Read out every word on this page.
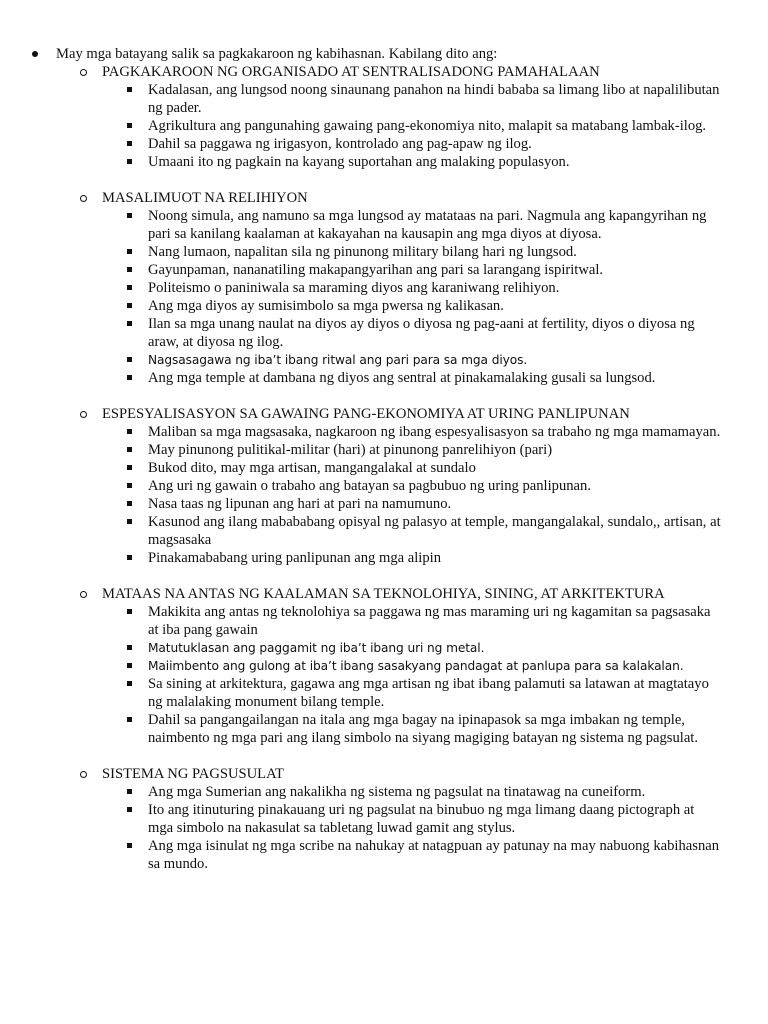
May mga batayang salik sa pagkakaroon ng kabihasnan. Kabilang dito ang:

PAGKAKAROON NG ORGANISADO AT SENTRALISADONG PAMAHALAAN

Kadalasan, ang lungsod noong sinaunang panahon na hindi bababa sa limang libo at napalilibutan ng pader.
Agrikultura ang pangunahing gawaing pang-ekonomiya nito, malapit sa matabang lambak-ilog.
Dahil sa paggawa ng irigasyon, kontrolado ang pag-apaw ng ilog.
Umaani ito ng pagkain na kayang suportahan ang malaking populasyon.

MASALIMUOT NA RELIHIYON

Noong simula, ang namuno sa mga lungsod ay matataas na pari. Nagmula ang kapangyrihan ng pari sa kanilang kaalaman at kakayahan na kausapin ang mga diyos at diyosa.
Nang lumaon, napalitan sila ng pinunong military bilang hari ng lungsod.
Gayunpaman, nananatiling makapangyarihan ang pari sa larangang ispiritwal.
Politeismo o paniniwala sa maraming diyos ang karaniwang relihiyon.
Ang mga diyos ay sumisimbolo sa mga pwersa ng kalikasan.
Ilan sa mga unang naulat na diyos ay diyos o diyosa ng pag-aani at fertility, diyos o diyosa ng araw, at diyosa ng ilog.
Nagsasagawa ng iba’t ibang ritwal ang pari para sa mga diyos.
Ang mga temple at dambana ng diyos ang sentral at pinakamalaking gusali sa lungsod.

ESPESYALISASYON SA GAWAING PANG-EKONOMIYA AT URING PANLIPUNAN

Maliban sa mga magsasaka, nagkaroon ng ibang espesyalisasyon sa trabaho ng mga mamamayan.
May pinunong pulitikal-militar (hari) at pinunong panrelihiyon (pari)
Bukod dito, may mga artisan, mangangalakal at sundalo
Ang uri ng gawain o trabaho ang batayan sa pagbubuo ng uring panlipunan.
Nasa taas ng lipunan ang hari at pari na namumuno.
Kasunod ang ilang mabababang opisyal ng palasyo at temple, mangangalakal, sundalo,, artisan, at magsasaka
Pinakamababang uring panlipunan ang mga alipin

MATAAS NA ANTAS NG KAALAMAN SA TEKNOLOHIYA, SINING, AT ARKITEKTURA

Makikita ang antas ng teknolohiya sa paggawa ng mas maraming uri ng kagamitan sa pagsasaka at iba pang gawain
Matutuklasan ang paggamit ng iba’t ibang uri ng metal.
Maiimbento ang gulong at iba’t ibang sasakyang pandagat at panlupa para sa kalakalan.
Sa sining at arkitektura, gagawa ang mga artisan ng ibat ibang palamuti sa latawan at magtatayo ng malalaking monument bilang temple.
Dahil sa pangangailangan na itala ang mga bagay na ipinapasok sa mga imbakan ng temple, naimbento ng mga pari ang ilang simbolo na siyang magiging batayan ng sistema ng pagsulat.

SISTEMA NG PAGSUSULAT

Ang mga Sumerian ang nakalikha ng sistema ng pagsulat na tinatawag na cuneiform.
Ito ang itinuturing pinakauang uri ng pagsulat na binubuo ng mga limang daang pictograph at mga simbolo na nakasulat sa tabletang luwad gamit ang stylus.
Ang mga isinulat ng mga scribe na nahukay at natagpuan ay patunay na may nabuong kabihasnan sa mundo.
